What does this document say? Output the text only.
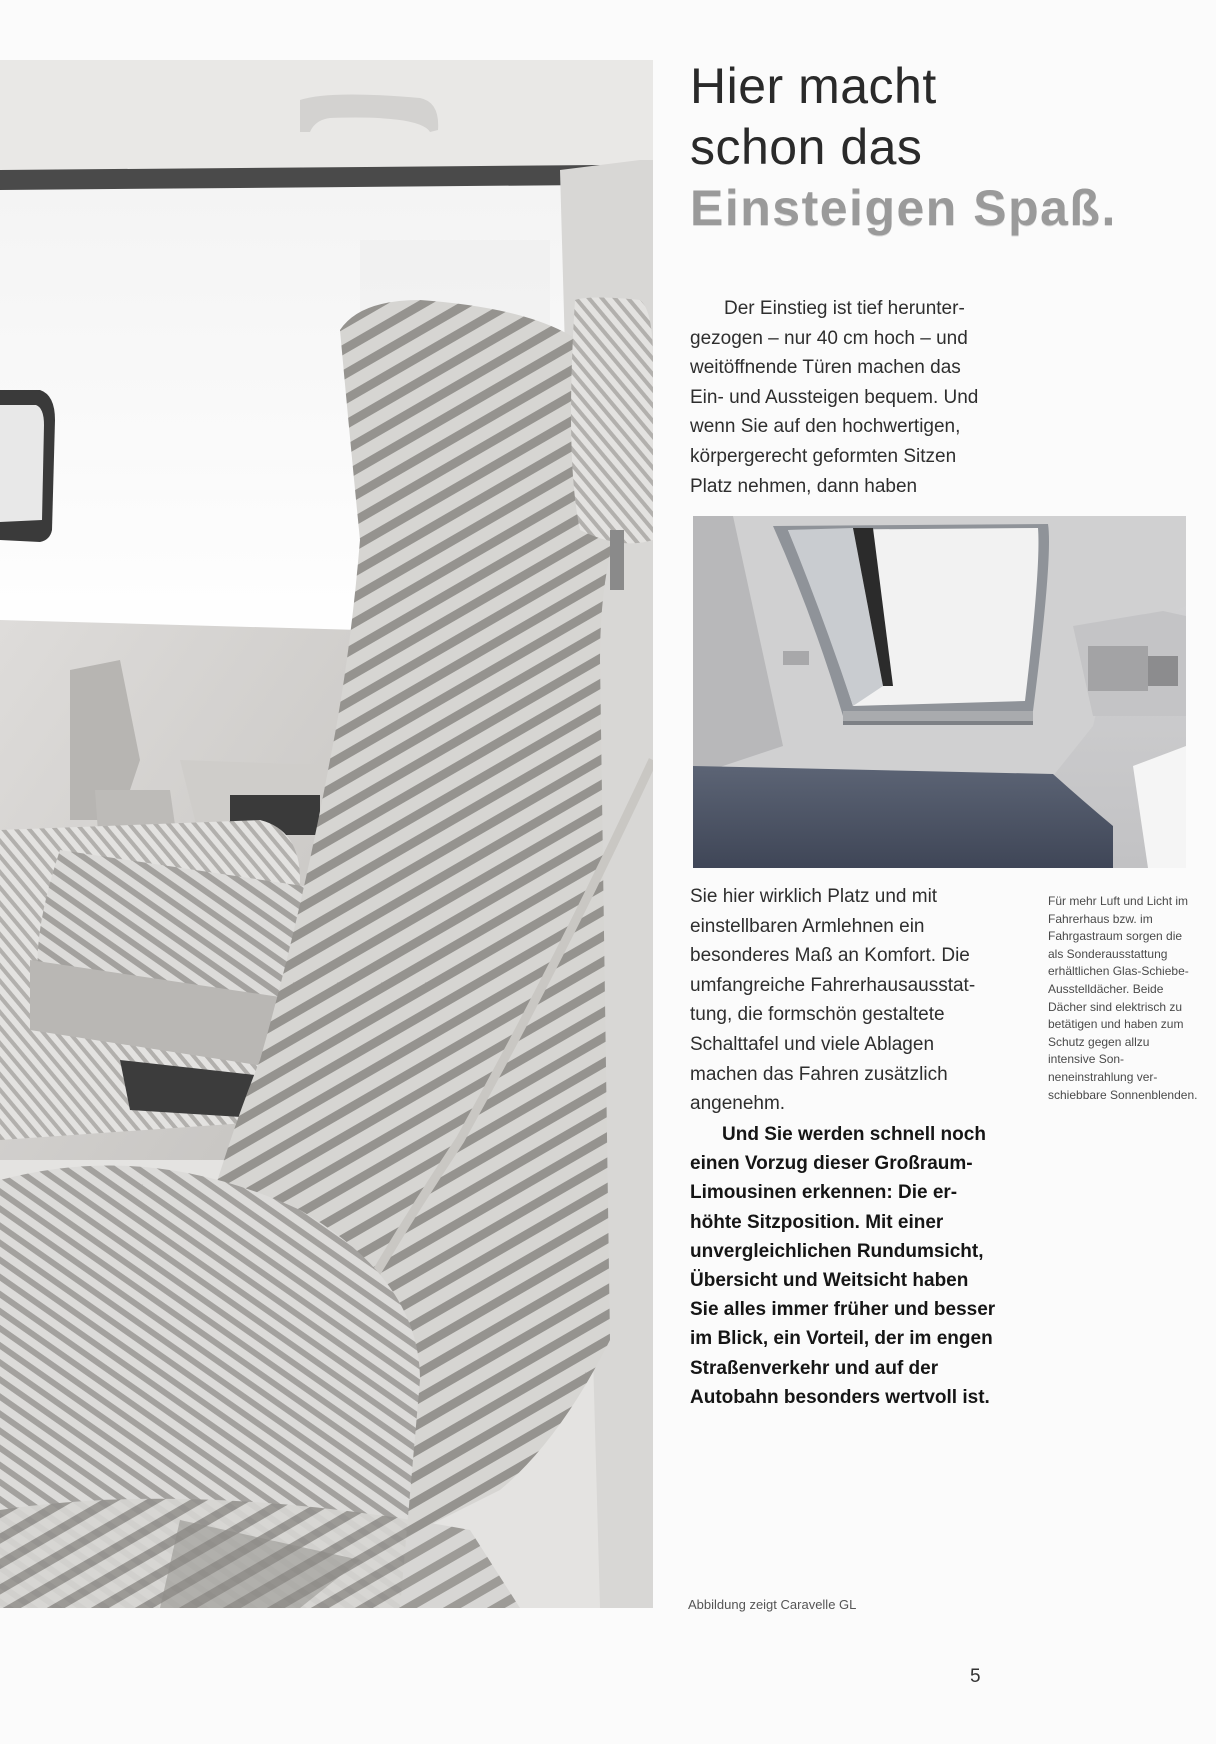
Hier macht
schon das
Einsteigen Spaß.

Der Einstieg ist tief heruntergezogen – nur 40 cm hoch – und weitöffnende Türen machen das Ein- und Aussteigen bequem. Und wenn Sie auf den hochwertigen, körpergerecht geformten Sitzen Platz nehmen, dann haben

Sie hier wirklich Platz und mit einstellbaren Armlehnen ein besonderes Maß an Komfort. Die umfangreiche Fahrerhausausstattung, die formschön gestaltete Schalttafel und viele Ablagen machen das Fahren zusätzlich angenehm.

Und Sie werden schnell noch einen Vorzug dieser Großraum-Limousinen erkennen: Die erhöhte Sitzposition. Mit einer unvergleichlichen Rundumsicht, Übersicht und Weitsicht haben Sie alles immer früher und besser im Blick, ein Vorteil, der im engen Straßenverkehr und auf der Autobahn besonders wertvoll ist.

Für mehr Luft und Licht im Fahrerhaus bzw. im Fahrgastraum sorgen die als Sonderausstattung erhältlichen Glas-Schiebe-Ausstelldächer. Beide Dächer sind elektrisch zu betätigen und haben zum Schutz gegen allzu intensive Sonneneinstrahlung verschiebbare Sonnenblenden.

Abbildung zeigt Caravelle GL

5
